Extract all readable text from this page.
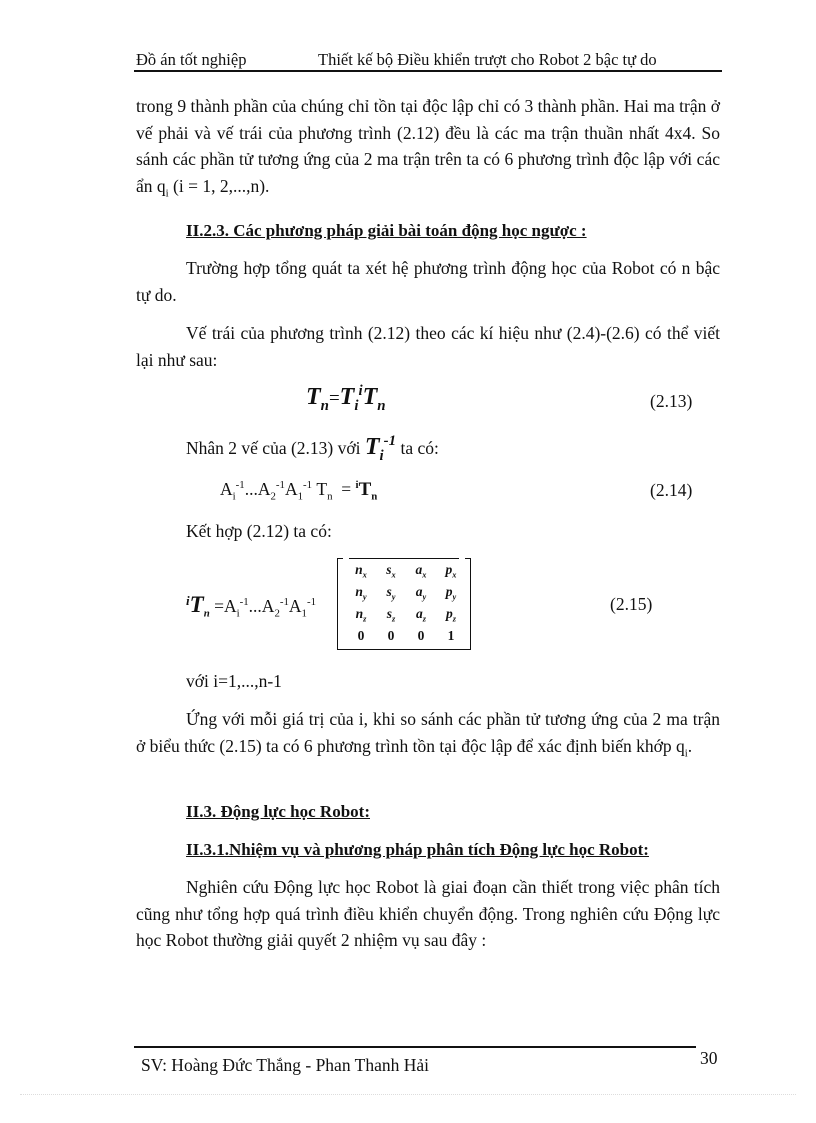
Đồ án tốt nghiệp	Thiết kế bộ Điều khiển trượt cho Robot 2 bậc tự do

trong 9 thành phần của chúng chỉ tồn tại độc lập chỉ có 3 thành phần. Hai ma trận ở vế phải và vế trái của phương trình (2.12) đều là các ma trận thuần nhất 4x4. So sánh các phần tử tương ứng của 2 ma trận trên ta có 6 phương trình độc lập với các ẩn $q_i$ (i = 1, 2,...,n).

II.2.3. Các phương pháp giải bài toán động học ngược :

Trường hợp tổng quát ta xét hệ phương trình động học của Robot có n bậc tự do.

Vế trái của phương trình (2.12) theo các kí hiệu như (2.4)-(2.6) có thể viết lại như sau:

$T_n=T_i^iT_n$	(2.13)
Nhân 2 vế của (2.13) với $T_i^{-1}$ ta có:
$A_i^{-1}...A_2^{-1}A_1^{-1}$ $T_n = ^iT_n$	(2.14)
Kết hợp (2.12) ta có:
$^iT_n =A_i^{-1}...A_2^{-1}A_1^{-1}$
$n_x$	$s_x$	$a_x$	$p_x$
$n_y$	$s_y$	$a_y$	$p_y$
$n_z$	$s_z$	$a_z$	$p_z$
0	0	0	1
(2.15)
với i=1,...,n-1

Ứng với mỗi giá trị của i, khi so sánh các phần tử tương ứng của 2 ma trận ở biểu thức (2.15) ta có 6 phương trình tồn tại độc lập để xác định biến khớp $q_i$.

II.3. Động lực học Robot:
II.3.1.Nhiệm vụ và phương pháp phân tích Động lực học Robot:

Nghiên cứu Động lực học Robot là giai đoạn cần thiết trong việc phân tích cũng như tổng hợp quá trình điều khiển chuyển động. Trong nghiên cứu Động lực học Robot thường giải quyết 2 nhiệm vụ sau đây :

SV: Hoàng Đức Thắng - Phan Thanh Hải	30
